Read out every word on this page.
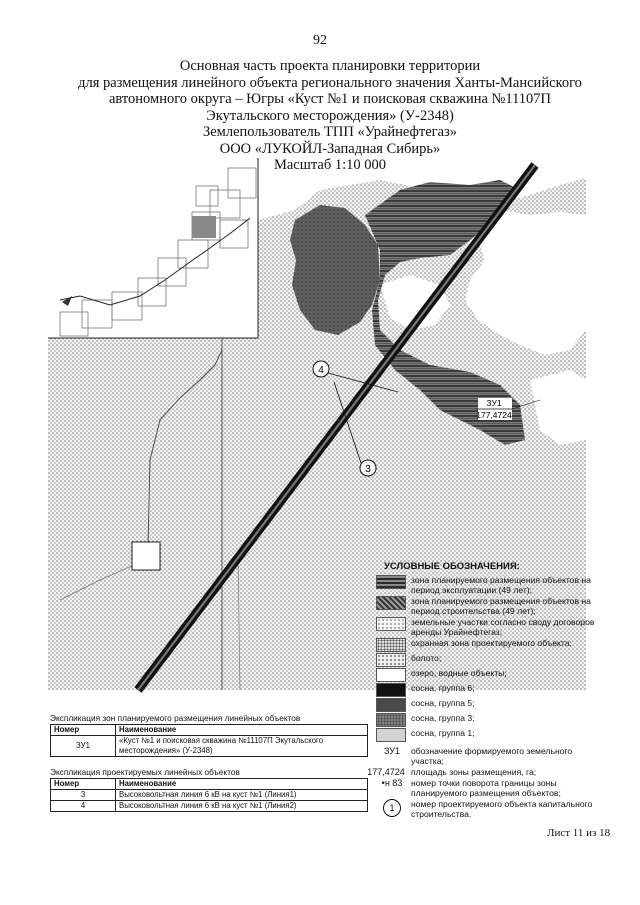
92
Основная часть проекта планировки территории
для размещения линейного объекта регионального значения Ханты-Мансийского
автономного округа – Югры «Куст №1 и поисковая скважина №11107П
Экутальского месторождения» (У-2348)
Землепользователь ТПП «Урайнефтегаз»
ООО «ЛУКОЙЛ-Западная Сибирь»
Масштаб 1:10 000
4
3
ЗУ1
177,4724
УСЛОВНЫЕ ОБОЗНАЧЕНИЯ:
зона планируемого размещения объектов на период эксплуатации (49 лет);
зона планируемого размещения объектов на период строительства (49 лет);
земельные участки согласно своду договоров аренды Урайнефтегаз;
охранная зона проектируемого объекта;
болото;
озеро, водные объекты;
сосна, группа 6;
сосна, группа 5;
сосна, группа 3;
сосна, группа 1;
ЗУ1	обозначение формируемого земельного участка;
177,4724 площадь зоны размещения, га;
•н 83	номер точки поворота границы зоны планируемого размещения объектов;
1	номер проектируемого объекта капитального строительства.
Экспликация зон планируемого размещения линейных объектов
Номер	Наименование
ЗУ1	«Куст №1 и поисковая скважина №11107П Экутальского месторождения» (У-2348)
Экспликация проектируемых линейных объектов
Номер	Наименование
3	Высоковольтная линия 6 кВ на куст №1 (Линия1)
4	Высоковольтная линия 6 кВ на куст №1 (Линия2)
Лист 11 из 18
